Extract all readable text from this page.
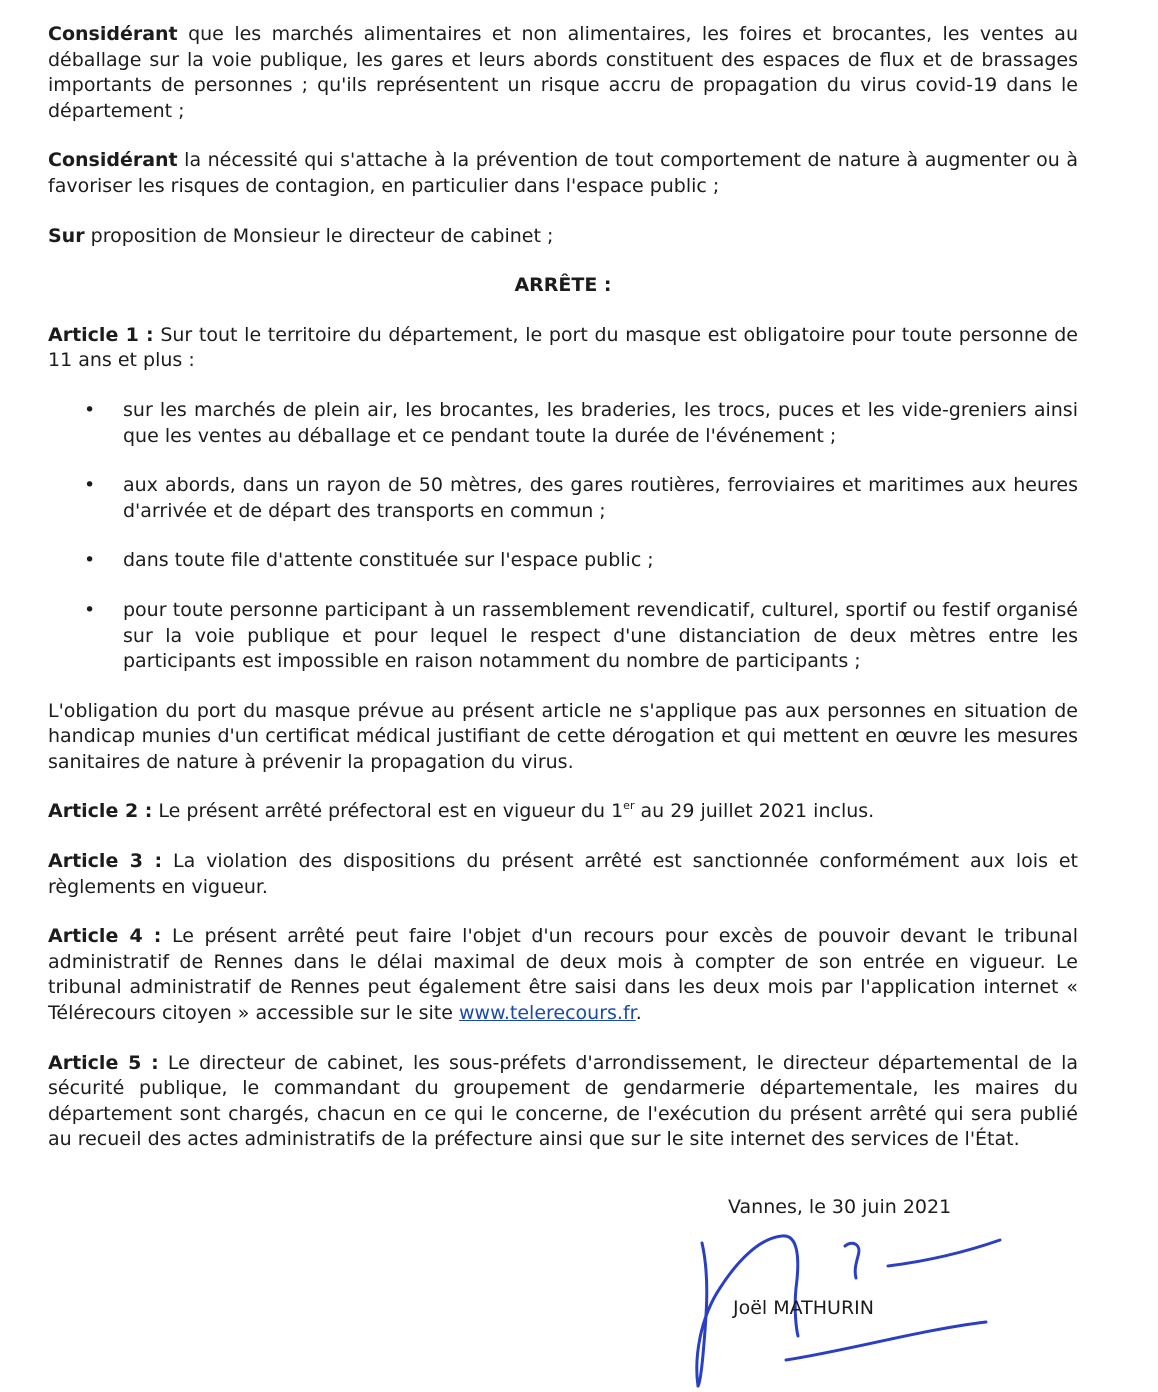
Considérant que les marchés alimentaires et non alimentaires, les foires et brocantes, les ventes au déballage sur la voie publique, les gares et leurs abords constituent des espaces de flux et de brassages importants de personnes ; qu'ils représentent un risque accru de propagation du virus covid-19 dans le département ;

Considérant la nécessité qui s'attache à la prévention de tout comportement de nature à augmenter ou à favoriser les risques de contagion, en particulier dans l'espace public ;

Sur proposition de Monsieur le directeur de cabinet ;

ARRÊTE :

Article 1 : Sur tout le territoire du département, le port du masque est obligatoire pour toute personne de 11 ans et plus :

• sur les marchés de plein air, les brocantes, les braderies, les trocs, puces et les vide-greniers ainsi que les ventes au déballage et ce pendant toute la durée de l'événement ;
• aux abords, dans un rayon de 50 mètres, des gares routières, ferroviaires et maritimes aux heures d'arrivée et de départ des transports en commun ;
• dans toute file d'attente constituée sur l'espace public ;
• pour toute personne participant à un rassemblement revendicatif, culturel, sportif ou festif organisé sur la voie publique et pour lequel le respect d'une distanciation de deux mètres entre les participants est impossible en raison notamment du nombre de participants ;

L'obligation du port du masque prévue au présent article ne s'applique pas aux personnes en situation de handicap munies d'un certificat médical justifiant de cette dérogation et qui mettent en œuvre les mesures sanitaires de nature à prévenir la propagation du virus.

Article 2 : Le présent arrêté préfectoral est en vigueur du 1er au 29 juillet 2021 inclus.

Article 3 : La violation des dispositions du présent arrêté est sanctionnée conformément aux lois et règlements en vigueur.

Article 4 : Le présent arrêté peut faire l'objet d'un recours pour excès de pouvoir devant le tribunal administratif de Rennes dans le délai maximal de deux mois à compter de son entrée en vigueur. Le tribunal administratif de Rennes peut également être saisi dans les deux mois par l'application internet « Télérecours citoyen » accessible sur le site www.telerecours.fr.

Article 5 : Le directeur de cabinet, les sous-préfets d'arrondissement, le directeur départemental de la sécurité publique, le commandant du groupement de gendarmerie départementale, les maires du département sont chargés, chacun en ce qui le concerne, de l'exécution du présent arrêté qui sera publié au recueil des actes administratifs de la préfecture ainsi que sur le site internet des services de l'État.

Vannes, le 30 juin 2021
Joël MATHURIN
